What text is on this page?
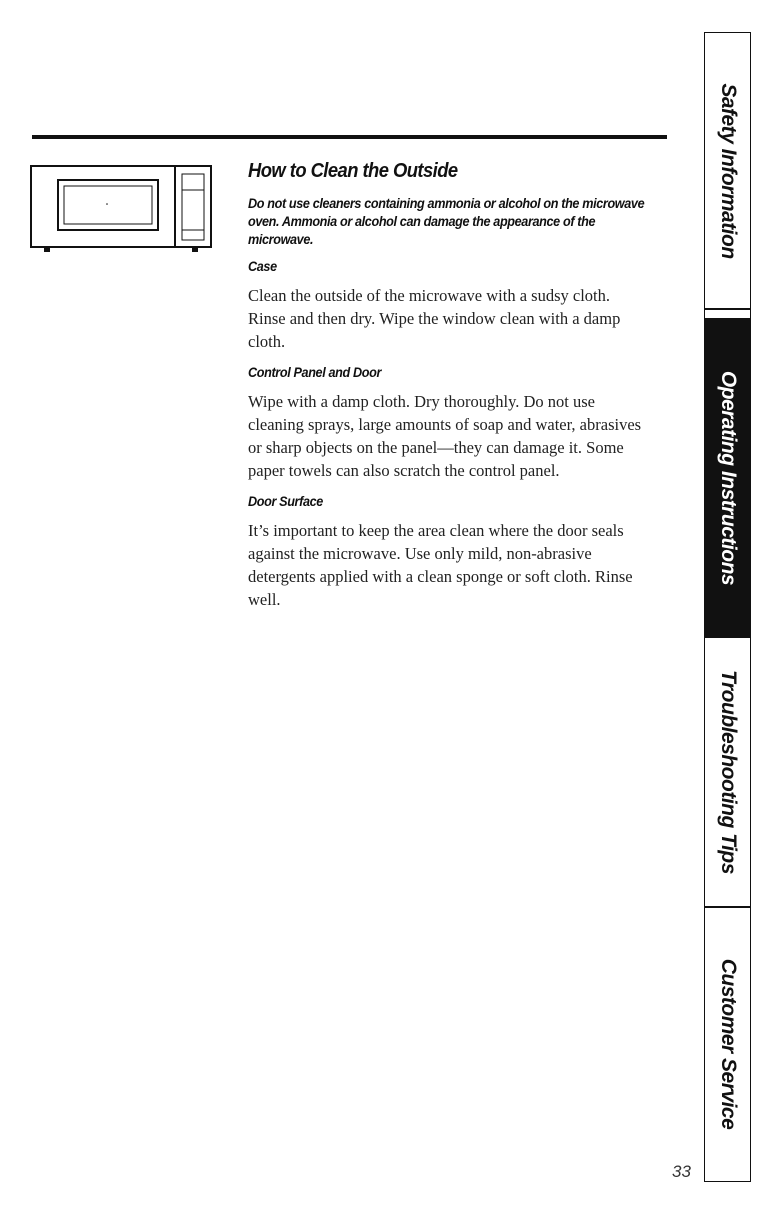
How to Clean the Outside

Do not use cleaners containing ammonia or alcohol on the microwave oven. Ammonia or alcohol can damage the appearance of the microwave.

Case

Clean the outside of the microwave with a sudsy cloth. Rinse and then dry. Wipe the window clean with a damp cloth.

Control Panel and Door

Wipe with a damp cloth. Dry thoroughly. Do not use cleaning sprays, large amounts of soap and water, abrasives or sharp objects on the panel—they can damage it. Some paper towels can also scratch the control panel.

Door Surface

It’s important to keep the area clean where the door seals against the microwave. Use only mild, non-abrasive detergents applied with a clean sponge or soft cloth. Rinse well.

Safety Information
Operating Instructions
Troubleshooting Tips
Customer Service
33
